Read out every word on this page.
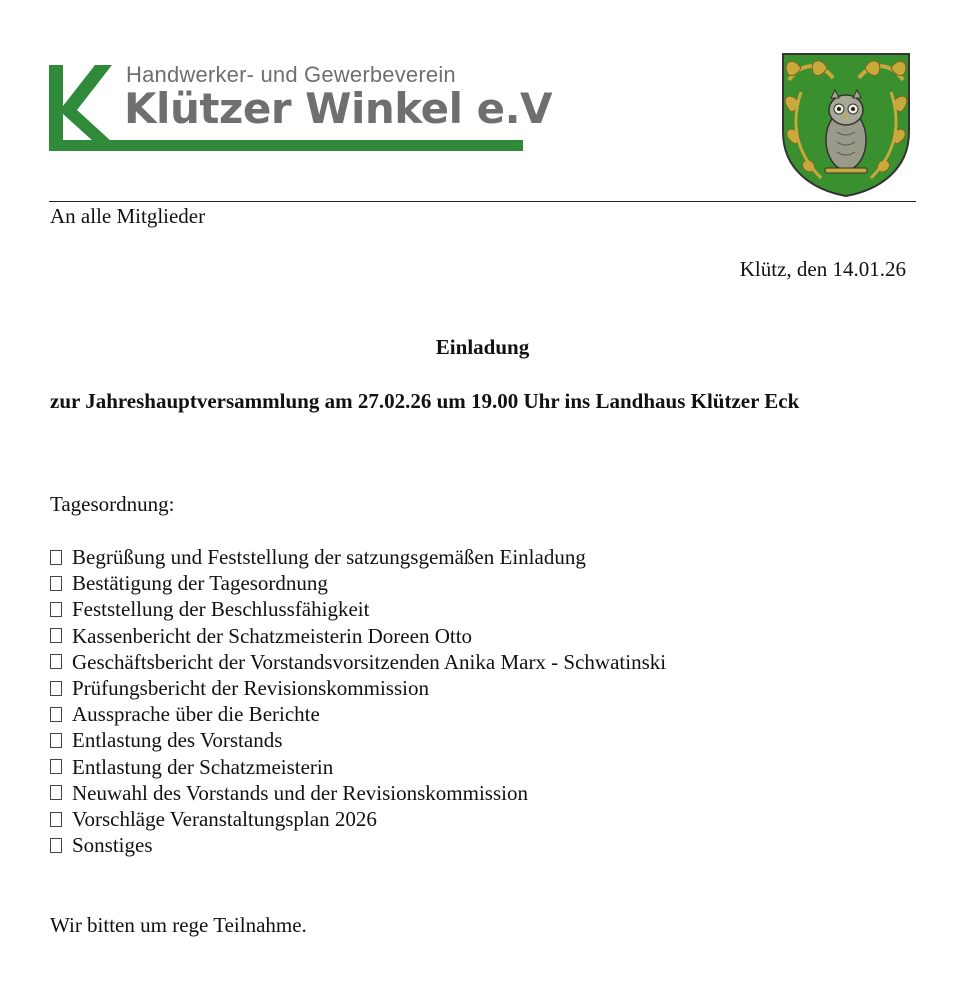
Handwerker- und Gewerbeverein
Klützer Winkel e.V
An alle Mitglieder
Klütz, den 14.01.26
Einladung
zur Jahreshauptversammlung am 27.02.26 um 19.00 Uhr ins Landhaus Klützer Eck
Tagesordnung:
Begrüßung und Feststellung der satzungsgemäßen Einladung
Bestätigung der Tagesordnung
Feststellung der Beschlussfähigkeit
Kassenbericht der Schatzmeisterin Doreen Otto
Geschäftsbericht der Vorstandsvorsitzenden Anika Marx - Schwatinski
Prüfungsbericht der Revisionskommission
Aussprache über die Berichte
Entlastung des Vorstands
Entlastung der Schatzmeisterin
Neuwahl des Vorstands und der Revisionskommission
Vorschläge Veranstaltungsplan 2026
Sonstiges
Wir bitten um rege Teilnahme.
